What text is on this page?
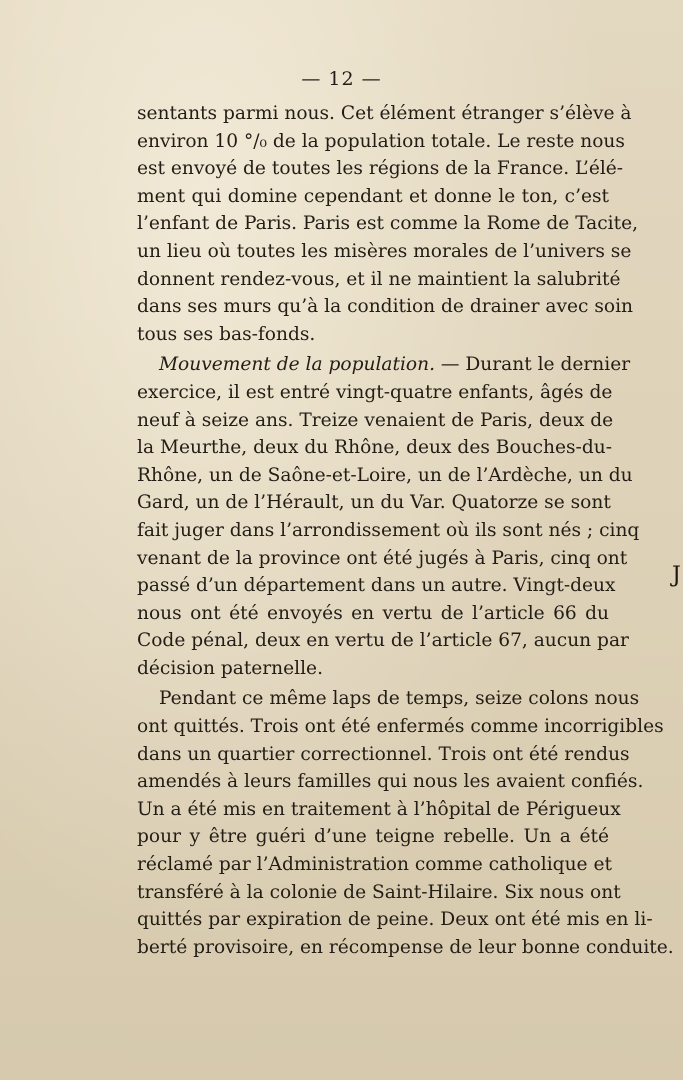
— 12 —
sentants parmi nous. Cet élément étranger s’élève à
environ 10 °/₀ de la population totale. Le reste nous
est envoyé de toutes les régions de la France. L’élé-
ment qui domine cependant et donne le ton, c’est
l’enfant de Paris. Paris est comme la Rome de Tacite,
un lieu où toutes les misères morales de l’univers se
donnent rendez-vous, et il ne maintient la salubrité
dans ses murs qu’à la condition de drainer avec soin
tous ses bas-fonds.
Mouvement de la population. — Durant le dernier
exercice, il est entré vingt-quatre enfants, âgés de
neuf à seize ans. Treize venaient de Paris, deux de
la Meurthe, deux du Rhône, deux des Bouches-du-
Rhône, un de Saône-et-Loire, un de l’Ardèche, un du
Gard, un de l’Hérault, un du Var. Quatorze se sont
fait juger dans l’arrondissement où ils sont nés ; cinq
venant de la province ont été jugés à Paris, cinq ont
passé d’un département dans un autre. Vingt-deux
nous ont été envoyés en vertu de l’article 66 du
Code pénal, deux en vertu de l’article 67, aucun par
décision paternelle.
Pendant ce même laps de temps, seize colons nous
ont quittés. Trois ont été enfermés comme incorrigibles
dans un quartier correctionnel. Trois ont été rendus
amendés à leurs familles qui nous les avaient confiés.
Un a été mis en traitement à l’hôpital de Périgueux
pour y être guéri d’une teigne rebelle. Un a été
réclamé par l’Administration comme catholique et
transféré à la colonie de Saint-Hilaire. Six nous ont
quittés par expiration de peine. Deux ont été mis en li-
berté provisoire, en récompense de leur bonne conduite.
J
